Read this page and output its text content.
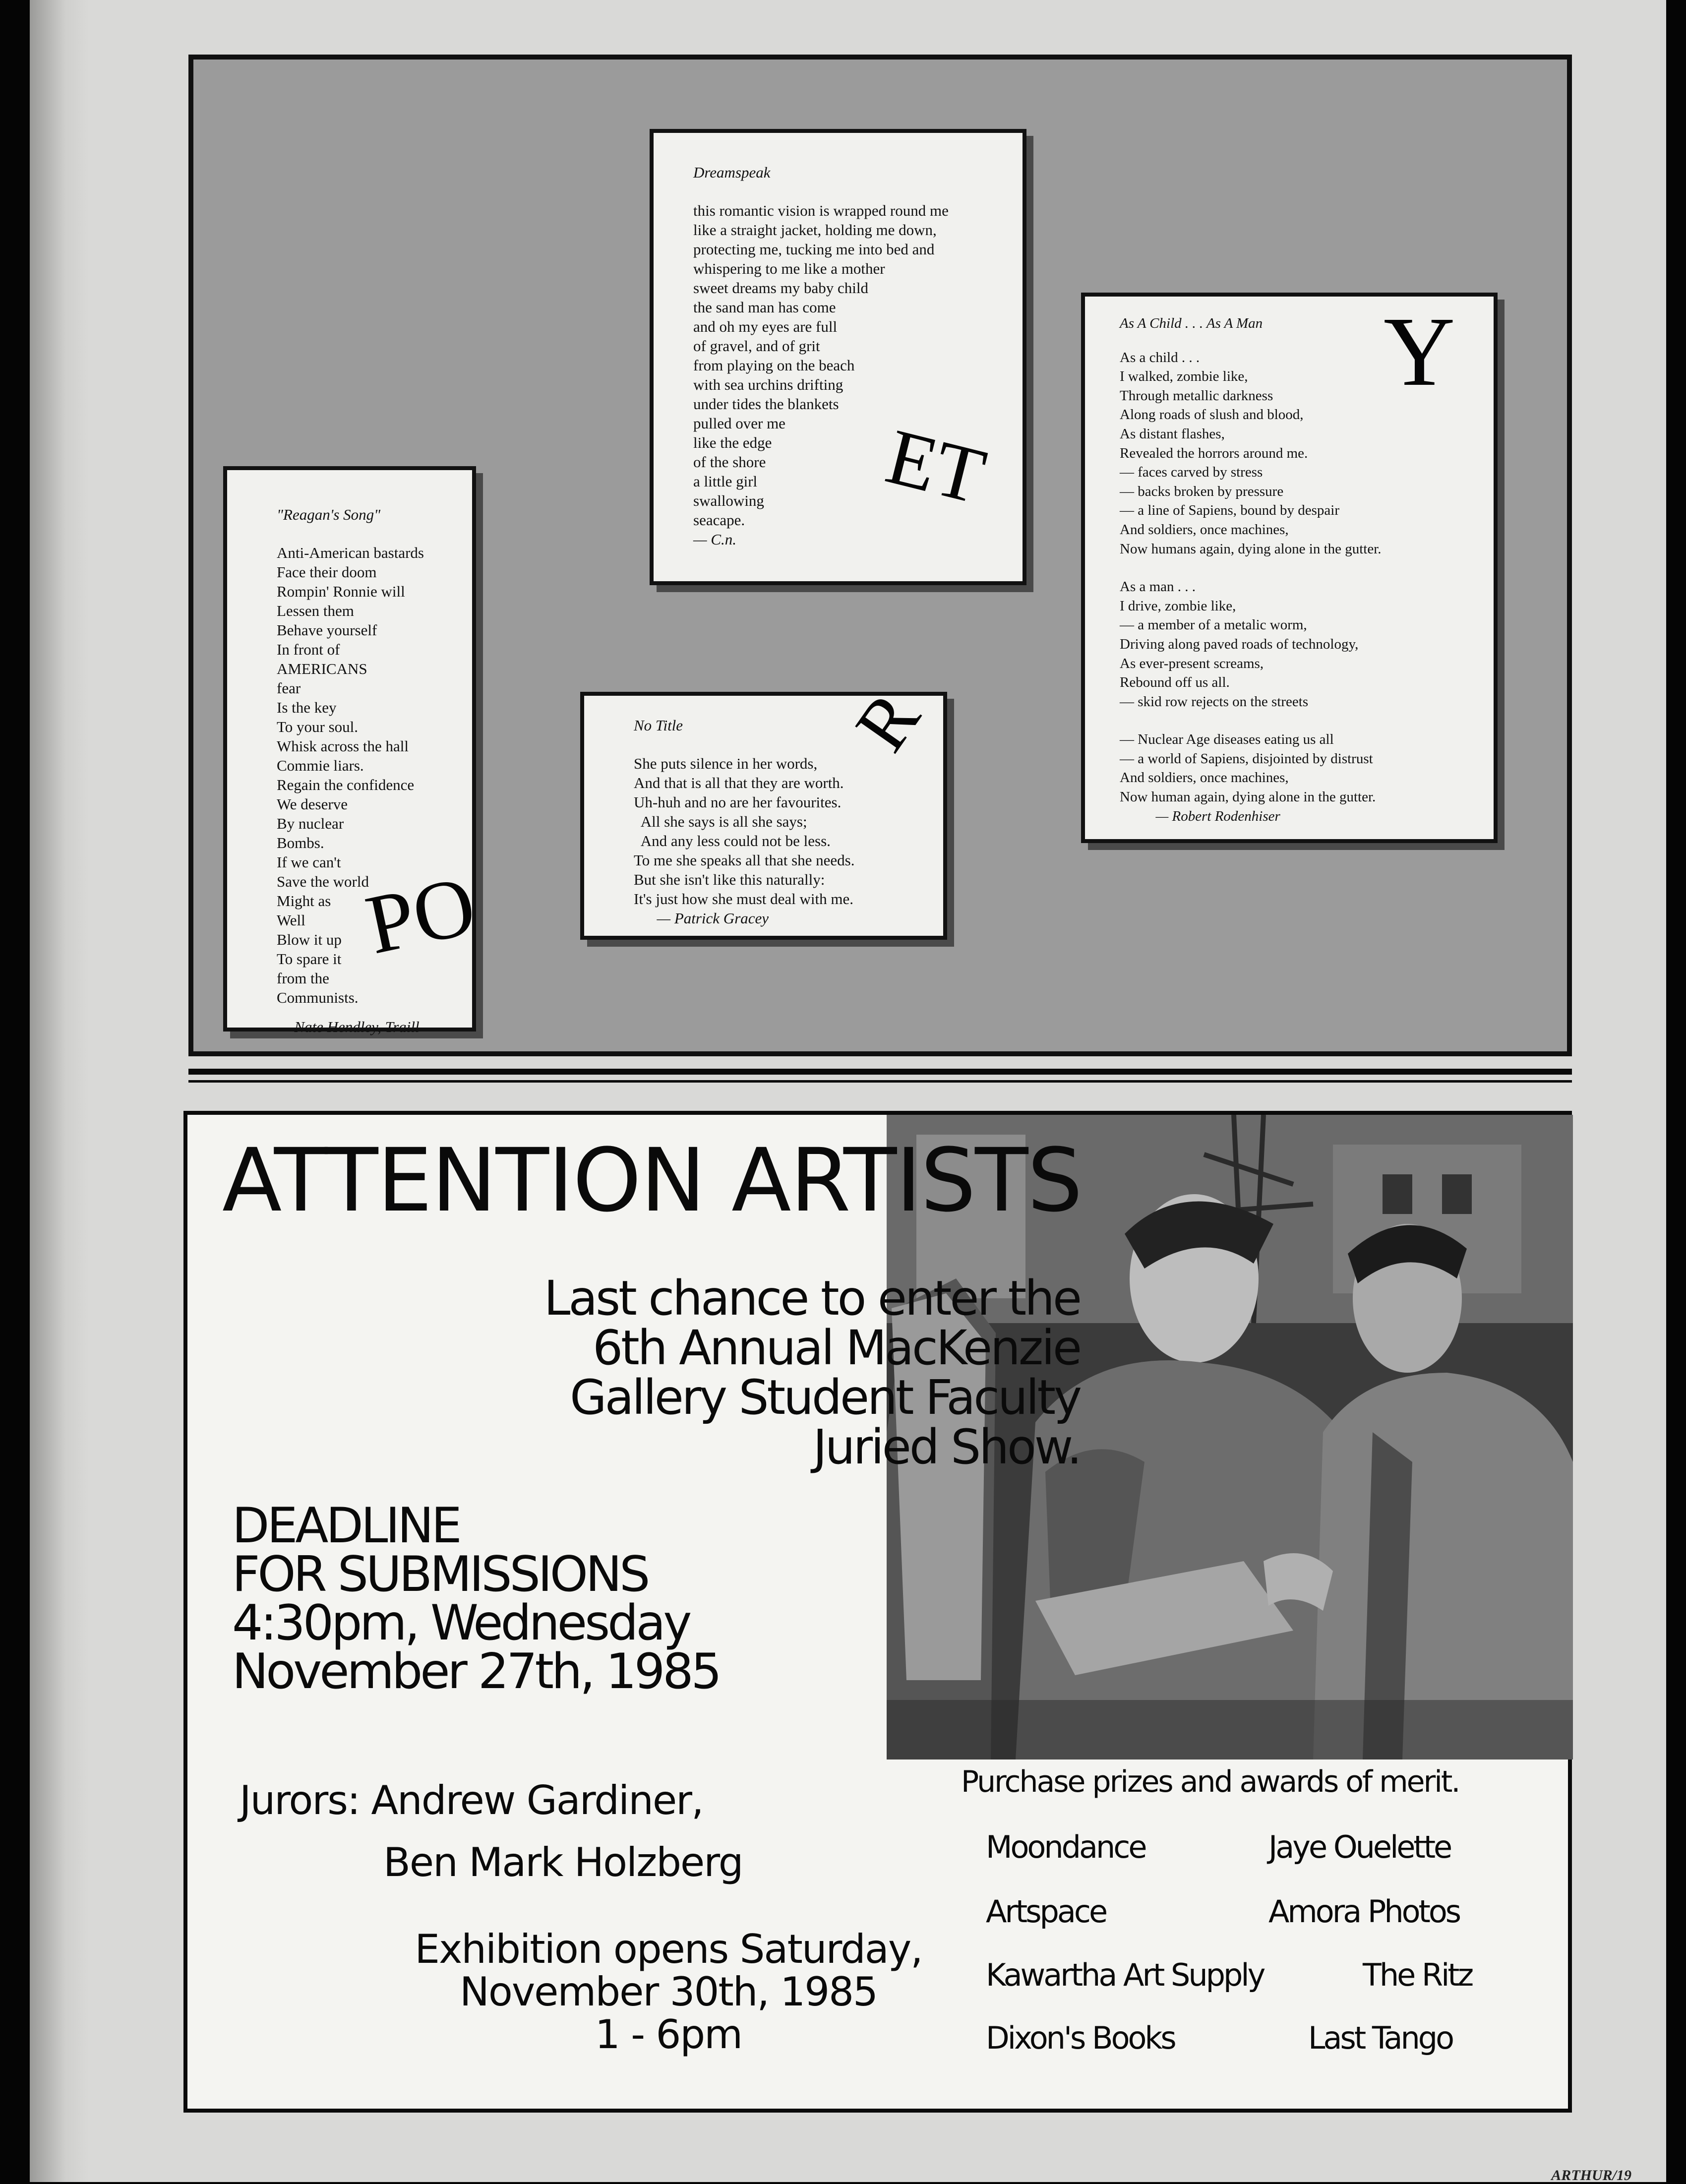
"Reagan's Song"
Anti-American bastards
Face their doom
Rompin' Ronnie will
Lessen them
Behave yourself
In front of
AMERICANS
fear
Is the key
To your soul.
Whisk across the hall
Commie liars.
Regain the confidence
We deserve
By nuclear
Bombs.
If we can't
Save the world
Might as
Well
Blow it up
To spare it
from the
Communists.
— Nate Hendley, Traill
Dreamspeak
this romantic vision is wrapped round me
like a straight jacket, holding me down,
protecting me, tucking me into bed and
whispering to me like a mother
sweet dreams my baby child
the sand man has come
and oh my eyes are full
of gravel, and of grit
from playing on the beach
with sea urchins drifting
under tides the blankets
pulled over me
like the edge
of the shore
a little girl
swallowing
seacape.
— C.n.
No Title
She puts silence in her words,
And that is all that they are worth.
Uh-huh and no are her favourites.
All she says is all she says;
And any less could not be less.
To me she speaks all that she needs.
But she isn't like this naturally:
It's just how she must deal with me.
— Patrick Gracey
As A Child . . . As A Man
As a child . . .
I walked, zombie like,
Through metallic darkness
Along roads of slush and blood,
As distant flashes,
Revealed the horrors around me.
— faces carved by stress
— backs broken by pressure
— a line of Sapiens, bound by despair
And soldiers, once machines,
Now humans again, dying alone in the gutter.
As a man . . .
I drive, zombie like,
— a member of a metalic worm,
Driving along paved roads of technology,
As ever-present screams,
Rebound off us all.
— skid row rejects on the streets
— Nuclear Age diseases eating us all
— a world of Sapiens, disjointed by distrust
And soldiers, once machines,
Now human again, dying alone in the gutter.
— Robert Rodenhiser
PO
ET
R
Y
ATTENTION ARTISTS
Last chance to enter the
6th Annual MacKenzie
Gallery Student Faculty
Juried Show.
DEADLINE
FOR SUBMISSIONS
4:30pm, Wednesday
November 27th, 1985
Jurors: Andrew Gardiner,
Ben Mark Holzberg
Exhibition opens Saturday,
November 30th, 1985
1 - 6pm
Purchase prizes and awards of merit.
Moondance	Jaye Ouelette
Artspace	Amora Photos
Kawartha Art Supply	The Ritz
Dixon's Books	Last Tango
ARTHUR/19
